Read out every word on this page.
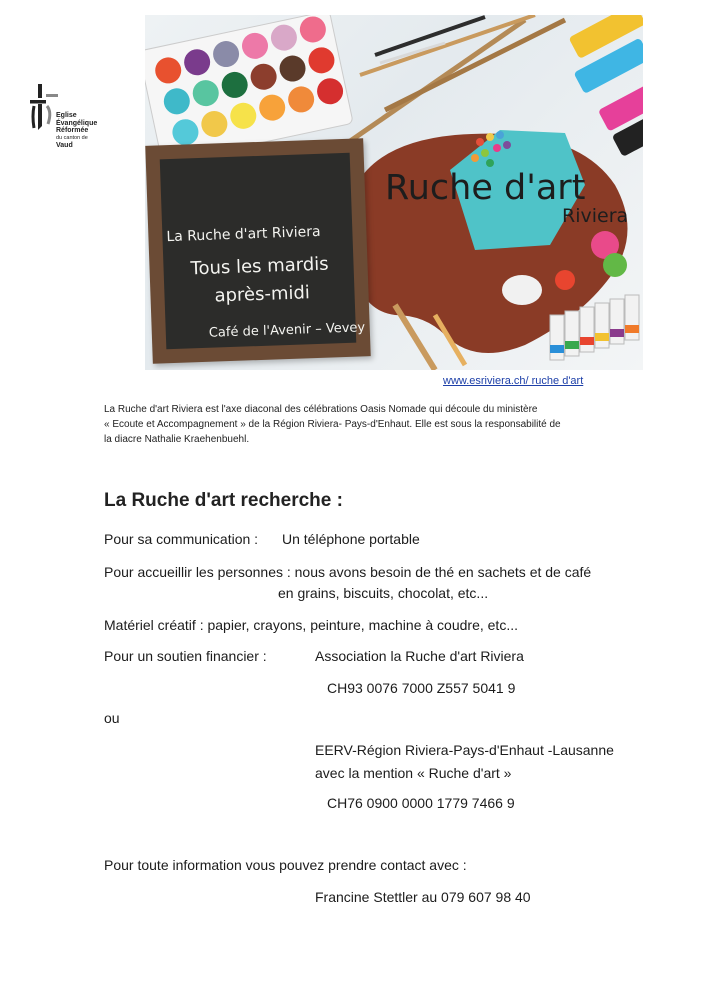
Eglise
Évangélique
Réformée
du canton de
Vaud
La Ruche d'art Riviera
Tous les mardis
après-midi
Café de l'Avenir – Vevey
Ruche d'art
Riviera
www.esriviera.ch/ ruche d'art
La Ruche d'art Riviera est l'axe diaconal des célébrations Oasis Nomade qui découle du ministère
« Ecoute et Accompagnement » de la Région Riviera- Pays-d'Enhaut. Elle est sous la responsabilité de
la diacre Nathalie Kraehenbuehl.
La Ruche d'art recherche :
Pour sa communication : Un téléphone portable
Pour accueillir les personnes : nous avons besoin de thé en sachets et de café
en grains, biscuits, chocolat, etc...
Matériel créatif : papier, crayons, peinture, machine à coudre, etc...
Pour un soutien financier :	Association la Ruche d'art Riviera
CH93 0076 7000 Z557 5041 9
ou
EERV-Région Riviera-Pays-d'Enhaut -Lausanne
avec la mention « Ruche d'art »
CH76 0900 0000 1779 7466 9
Pour toute information vous pouvez prendre contact avec :
Francine Stettler au 079 607 98 40
